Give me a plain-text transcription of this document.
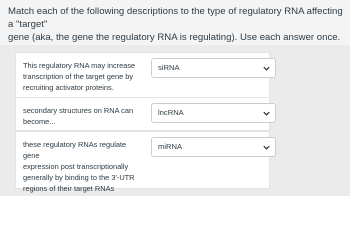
Match each of the following descriptions to the type of regulatory RNA affecting a "target"
gene (aka, the gene the regulatory RNA is regulating). Use each answer once.
This regulatory RNA may increase
transcription of the target gene by
recruiting activator proteins.
siRNA
secondary structures on RNA can
become...
lncRNA
these regulatory RNAs regulate gene
expression post transcriptionally
generally by binding to the 3'-UTR
regions of their target RNAs
miRNA
